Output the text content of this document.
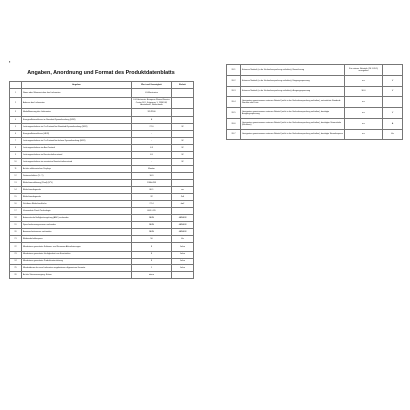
▪
Angaben, Anordnung und Format des Produktdatenblatts
	Angaben	Wert und Genauigkeit	Einheit
1	Name oder Warenzeichen des Lieferanten	LG Electronics	
2	Adresse des Lieferanten	LG Electronics European Shared Service Center B.V., Krijgsman 1, 1186 DM, Amstelveen, Netherlands	
3	Modellkennung des Lieferanten	32LP500	
4	Energieeffizienzklasse im Standard-Dynamikumfang (SDR)	E	
5	Leistungsaufnahme im On-Zustand bei Standard-Dynamikumfang (SDR)	27.0	W
6	Energieeffizienzklasse (HDR)	-	
7	Leistungsaufnahme im On-Zustand bei hohem Dynamikumfang (HDR)	-	W
8	Leistungsaufnahme im Aus-Zustand	0.3	W
9	Leistungsaufnahme im Bereitschaftszustand	0.5	W
10	Leistungsaufnahme im vernetzten Bereitschaftszustand	-	W
11	Art des elektronischen Displays	Monitor	
12	Seitenverhältnis (X : Y)	16:9	
13	Bildschirmauflösung (Pixel) (H*V)	1366x768	
14	Bildschirmdiagonale	80.1	cm
15	Bildschirmdiagonale	32	Zoll
16	Sichtbare Bildschirmfläche	27.4	dm²
17	Verwendete Panel-Technologie	LED LCD	
18	Automatische Helligkeitsregelung (ABC) vorhanden	NEIN	JA/NEIN
19	Spracherkennungssensor vorhanden	NEIN	JA/NEIN
20	Anwesenheitssensor vorhanden	NEIN	JA/NEIN
21	Bildwiederholfrequenz	50	Hz
22	Mindestens garantierte Software- und Firmware-Aktualisierungen	8	Jahre
23	Mindestens garantierte Verfügbarkeit von Ersatzteilen	8	Jahre
24	Mindestens garantierte Produktunterstützung	8	Jahre
25	Mindestdauer der vom Lieferanten angebotenen allgemeinen Garantie	1	Jahre
26	Art der Stromversorgung: Extern	intern	
26.1	Externes Netzteil (in der Verkaufsverpackung enthalten), Bezeichnung	Für externe Netzteile (26.1-26.5) anzugeben	
26.2	Externes Netzteil (in der Verkaufsverpackung enthalten), Eingangsspannung	n.a.	V
26.3	Externes Netzteil (in der Verkaufsverpackung enthalten), Ausgangsspannung	30.0	V
26.4	Geeignetes gemeinsames externes Netzteil (nicht in der Verkaufsverpackung enthalten), unterstützte Standard-Normen oder Liste	n.a.	
26.5	Geeignetes gemeinsames externes Netzteil (nicht in der Verkaufsverpackung enthalten), benötigte Ausgangsspannung	n.a.	V
26.6	Geeignetes gemeinsames externes Netzteil (nicht in der Verkaufsverpackung enthalten), benötigter Stromstärke (Minimum)	n.a.	A
26.7	Geeignetes gemeinsames externes Netzteil (nicht in der Verkaufsverpackung enthalten), benötigte Stromfrequenz	n.a.	Hz
